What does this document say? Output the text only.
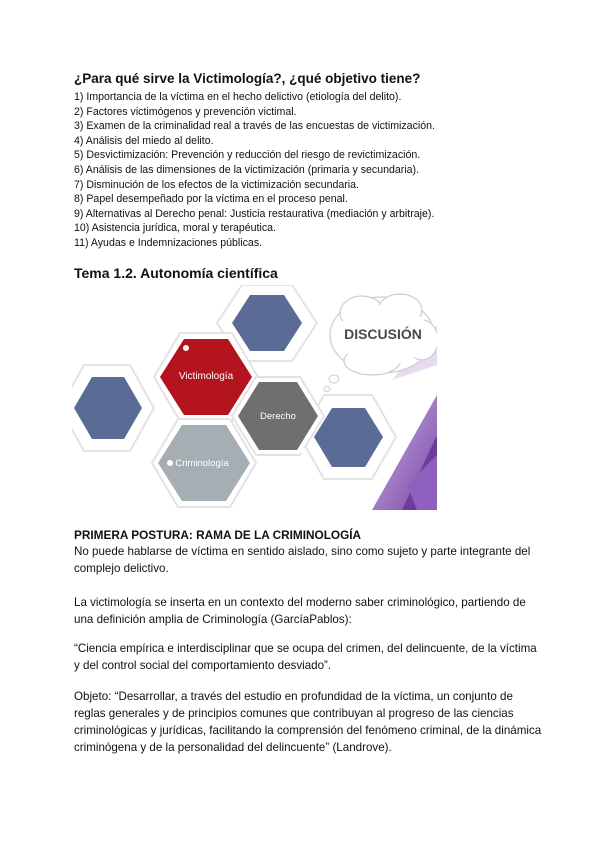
¿Para qué sirve la Victimología?, ¿qué objetivo tiene?
1) Importancia de la víctima en el hecho delictivo (etiología del delito).
2) Factores victimógenos y prevención victimal.
3) Examen de la criminalidad real a través de las encuestas de victimización.
4) Análisis del miedo al delito.
5) Desvictimización: Prevención y reducción del riesgo de revictimización.
6) Análisis de las dimensiones de la victimización (primaria y secundaria).
7) Disminución de los efectos de la victimización secundaria.
8) Papel desempeñado por la víctima en el proceso penal.
9) Alternativas al Derecho penal: Justicia restaurativa (mediación y arbitraje).
10) Asistencia jurídica, moral y terapéutica.
11) Ayudas e Indemnizaciones públicas.
Tema 1.2. Autonomía científica
DISCUSIÓN
Victimología
Derecho
Criminología
PRIMERA POSTURA: RAMA DE LA CRIMINOLOGÍA

No puede hablarse de víctima en sentido aislado, sino como sujeto y parte integrante del complejo delictivo.

La victimología se inserta en un contexto del moderno saber criminológico, partiendo de una definición amplia de Criminología (GarcíaPablos):

“Ciencia empírica e interdisciplinar que se ocupa del crimen, del delincuente, de la víctima y del control social del comportamiento desviado”.

Objeto: “Desarrollar, a través del estudio en profundidad de la víctima, un conjunto de reglas generales y de principios comunes que contribuyan al progreso de las ciencias criminológicas y jurídicas, facilitando la comprensión del fenómeno criminal, de la dinámica criminógena y de la personalidad del delincuente” (Landrove).
